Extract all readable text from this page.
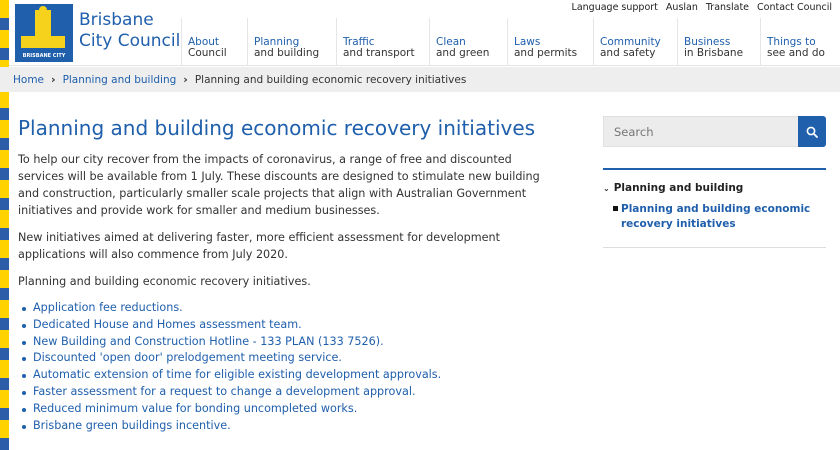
BRISBANE CITY
Brisbane
City Council
Language support Auslan Translate Contact Council
About
Council
Planning
and building
Traffic
and transport
Clean
and green
Laws
and permits
Community
and safety
Business
in Brisbane
Things to
see and do
Home › Planning and building › Planning and building economic recovery initiatives
Planning and building economic recovery initiatives

To help our city recover from the impacts of coronavirus, a range of free and discounted services will be available from 1 July. These discounts are designed to stimulate new building and construction, particularly smaller scale projects that align with Australian Government initiatives and provide work for smaller and medium businesses.

New initiatives aimed at delivering faster, more efficient assessment for development applications will also commence from July 2020.

Planning and building economic recovery initiatives.

Application fee reductions.
Dedicated House and Homes assessment team.
New Building and Construction Hotline - 133 PLAN (133 7526).
Discounted 'open door' prelodgement meeting service.
Automatic extension of time for eligible existing development approvals.
Faster assessment for a request to change a development approval.
Reduced minimum value for bonding uncompleted works.
Brisbane green buildings incentive.
Search
⌄ Planning and building
Planning and building economic recovery initiatives
